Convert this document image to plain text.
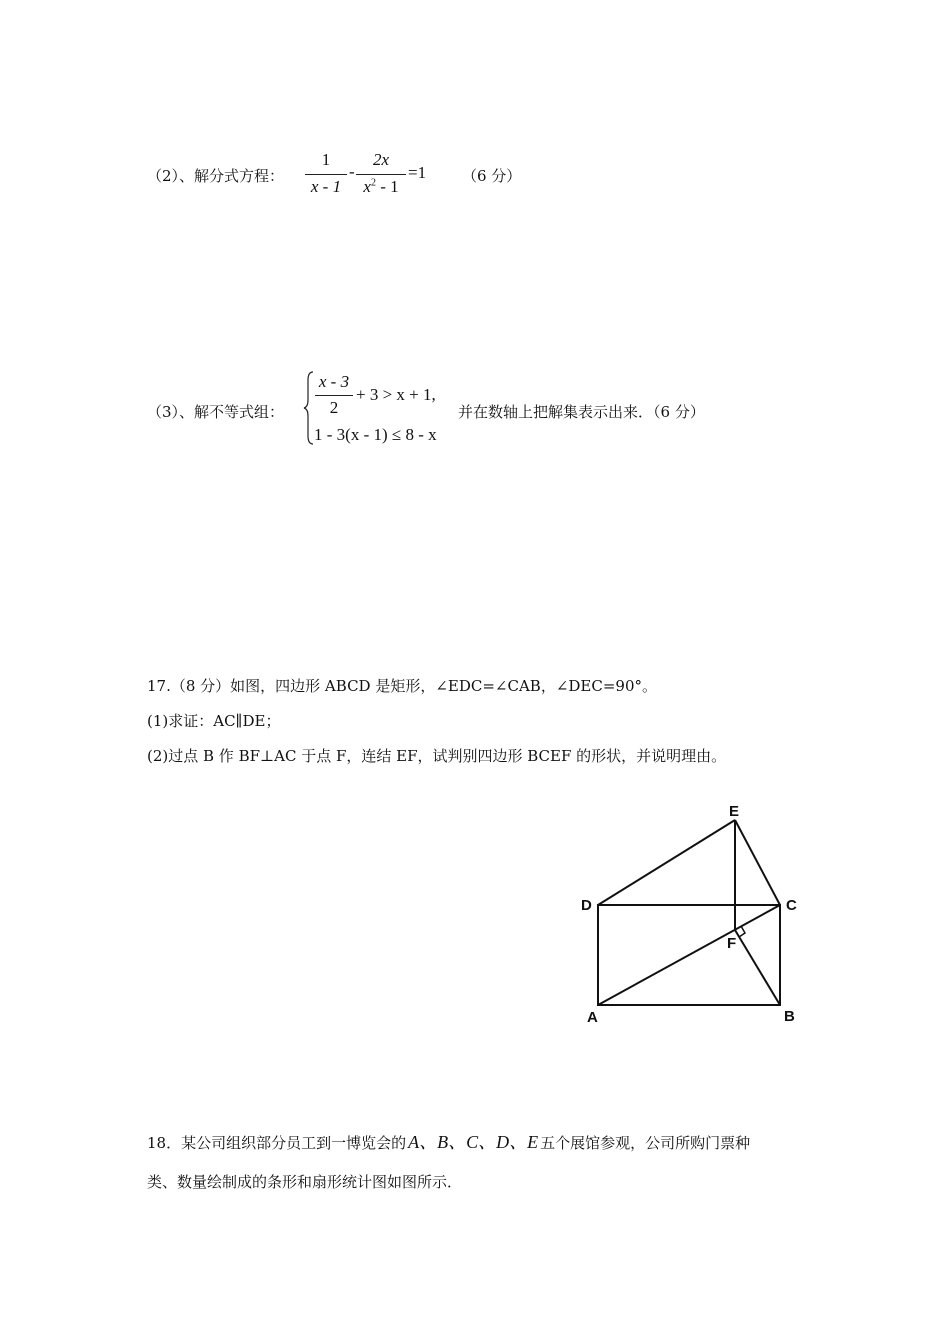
（2）、解分式方程：
1
x - 1
-
2x
$x^2 - 1$
=1 （6 分）
（3）、解不等式组：
x - 3
2
+ 3 > x + 1,
1 - 3(x - 1) ≤ 8 - x
并在数轴上把解集表示出来．（6 分）
17.（8 分）如图，四边形 ABCD 是矩形，∠EDC=∠CAB，∠DEC=90°。
(1)求证：AC∥DE；
(2)过点 B 作 BF⊥AC 于点 F，连结 EF，试判别四边形 BCEF 的形状，并说明理由。
E
D	C
F
A	B
18．某公司组织部分员工到一博览会的 A、B、C、D、E 五个展馆参观，公司所购门票种
类、数量绘制成的条形和扇形统计图如图所示．
